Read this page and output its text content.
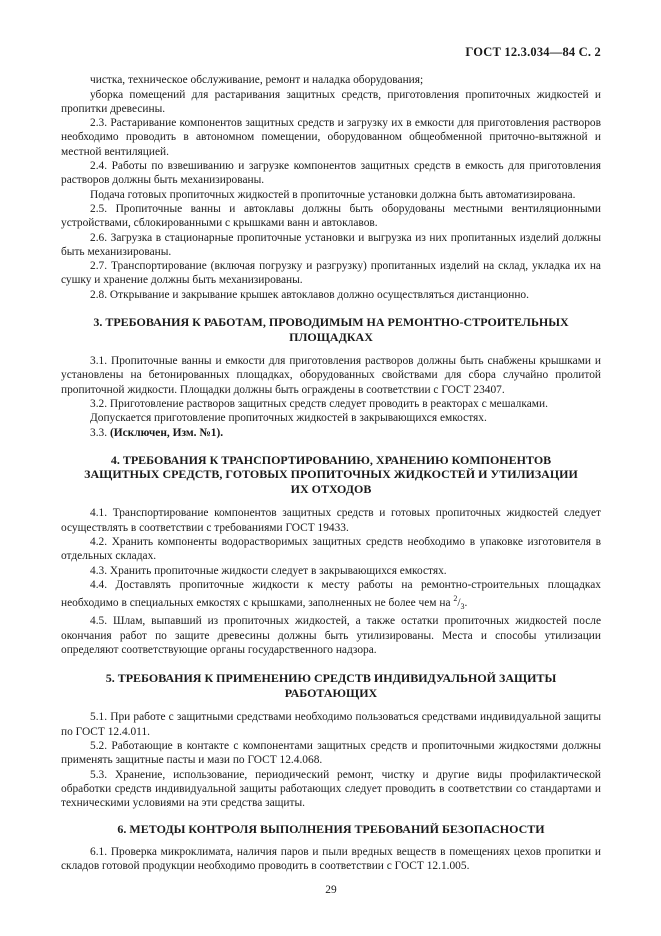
ГОСТ 12.3.034—84 С. 2

чистка, техническое обслуживание, ремонт и наладка оборудования;

уборка помещений для растаривания защитных средств, приготовления пропиточных жидкостей и пропитки древесины.

2.3. Растаривание компонентов защитных средств и загрузку их в емкости для приготовления растворов необходимо проводить в автономном помещении, оборудованном общеобменной приточно-вытяжной и местной вентиляцией.

2.4. Работы по взвешиванию и загрузке компонентов защитных средств в емкость для приготовления растворов должны быть механизированы.

Подача готовых пропиточных жидкостей в пропиточные установки должна быть автоматизирована.

2.5. Пропиточные ванны и автоклавы должны быть оборудованы местными вентиляционными устройствами, сблокированными с крышками ванн и автоклавов.

2.6. Загрузка в стационарные пропиточные установки и выгрузка из них пропитанных изделий должны быть механизированы.

2.7. Транспортирование (включая погрузку и разгрузку) пропитанных изделий на склад, укладка их на сушку и хранение должны быть механизированы.

2.8. Открывание и закрывание крышек автоклавов должно осуществляться дистанционно.

3. ТРЕБОВАНИЯ К РАБОТАМ, ПРОВОДИМЫМ НА РЕМОНТНО-СТРОИТЕЛЬНЫХ ПЛОЩАДКАХ

3.1. Пропиточные ванны и емкости для приготовления растворов должны быть снабжены крышками и установлены на бетонированных площадках, оборудованных свойствами для сбора случайно пролитой пропиточной жидкости. Площадки должны быть ограждены в соответствии с ГОСТ 23407.

3.2. Приготовление растворов защитных средств следует проводить в реакторах с мешалками.

Допускается приготовление пропиточных жидкостей в закрывающихся емкостях.

3.3. (Исключен, Изм. №1).

4. ТРЕБОВАНИЯ К ТРАНСПОРТИРОВАНИЮ, ХРАНЕНИЮ КОМПОНЕНТОВ ЗАЩИТНЫХ СРЕДСТВ, ГОТОВЫХ ПРОПИТОЧНЫХ ЖИДКОСТЕЙ И УТИЛИЗАЦИИ ИХ ОТХОДОВ

4.1. Транспортирование компонентов защитных средств и готовых пропиточных жидкостей следует осуществлять в соответствии с требованиями ГОСТ 19433.

4.2. Хранить компоненты водорастворимых защитных средств необходимо в упаковке изготовителя в отдельных складах.

4.3. Хранить пропиточные жидкости следует в закрывающихся емкостях.

4.4. Доставлять пропиточные жидкости к месту работы на ремонтно-строительных площадках необходимо в специальных емкостях с крышками, заполненных не более чем на $^2/_3$.

4.5. Шлам, выпавший из пропиточных жидкостей, а также остатки пропиточных жидкостей после окончания работ по защите древесины должны быть утилизированы. Места и способы утилизации определяют соответствующие органы государственного надзора.

5. ТРЕБОВАНИЯ К ПРИМЕНЕНИЮ СРЕДСТВ ИНДИВИДУАЛЬНОЙ ЗАЩИТЫ РАБОТАЮЩИХ

5.1. При работе с защитными средствами необходимо пользоваться средствами индивидуальной защиты по ГОСТ 12.4.011.

5.2. Работающие в контакте с компонентами защитных средств и пропиточными жидкостями должны применять защитные пасты и мази по ГОСТ 12.4.068.

5.3. Хранение, использование, периодический ремонт, чистку и другие виды профилактической обработки средств индивидуальной защиты работающих следует проводить в соответствии со стандартами и техническими условиями на эти средства защиты.

6. МЕТОДЫ КОНТРОЛЯ ВЫПОЛНЕНИЯ ТРЕБОВАНИЙ БЕЗОПАСНОСТИ

6.1. Проверка микроклимата, наличия паров и пыли вредных веществ в помещениях цехов пропитки и складов готовой продукции необходимо проводить в соответствии с ГОСТ 12.1.005.

29
